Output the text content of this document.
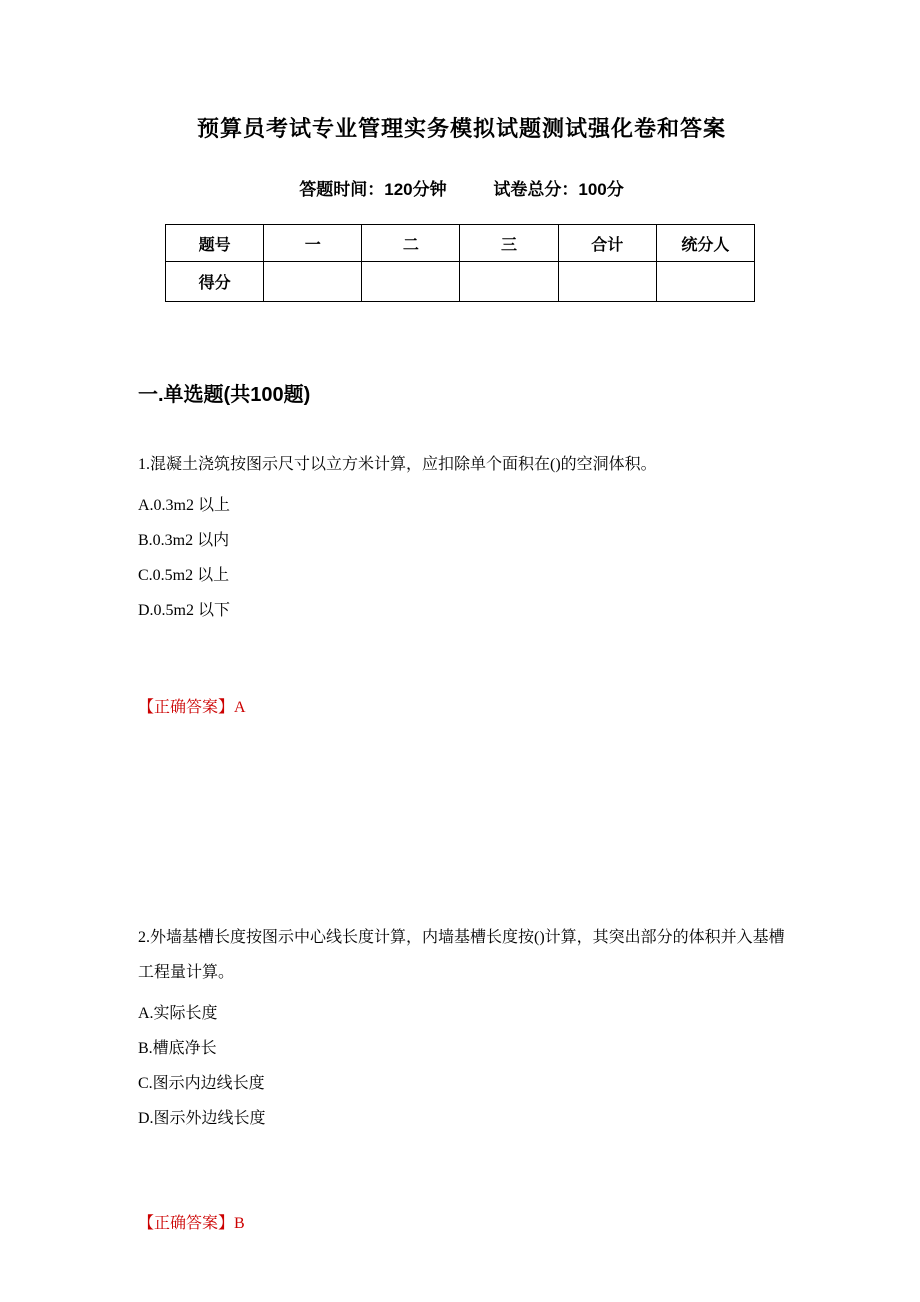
预算员考试专业管理实务模拟试题测试强化卷和答案
答题时间：120分钟	试卷总分：100分
题号	一	二	三	合计	统分人
得分					
一.单选题(共100题)
1.混凝土浇筑按图示尺寸以立方米计算，应扣除单个面积在()的空洞体积。
A.0.3m2 以上
B.0.3m2 以内
C.0.5m2 以上
D.0.5m2 以下
【正确答案】A
2.外墙基槽长度按图示中心线长度计算，内墙基槽长度按()计算，其突出部分的体积并入基槽工程量计算。
A.实际长度
B.槽底净长
C.图示内边线长度
D.图示外边线长度
【正确答案】B
